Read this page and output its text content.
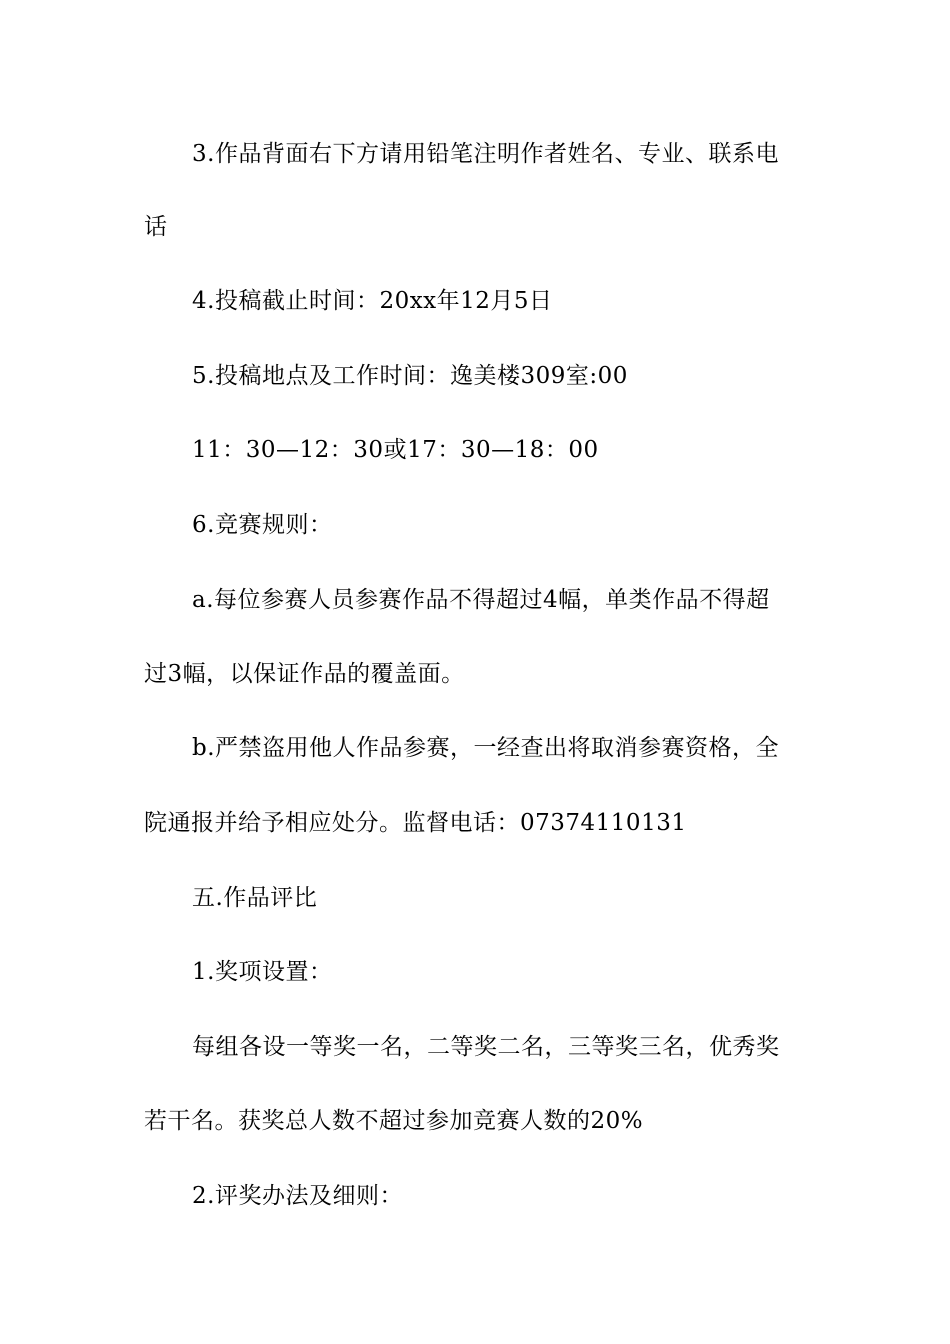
3.作品背面右下方请用铅笔注明作者姓名、专业、联系电
话
4.投稿截止时间：20xx年12月5日
5.投稿地点及工作时间：逸美楼309室:00
11：30—12：30或17：30—18：00
6.竞赛规则：
a.每位参赛人员参赛作品不得超过4幅，单类作品不得超
过3幅，以保证作品的覆盖面。
b.严禁盗用他人作品参赛，一经查出将取消参赛资格，全
院通报并给予相应处分。监督电话：07374110131
五.作品评比
1.奖项设置：
每组各设一等奖一名，二等奖二名，三等奖三名，优秀奖
若干名。获奖总人数不超过参加竞赛人数的20%
2.评奖办法及细则：
